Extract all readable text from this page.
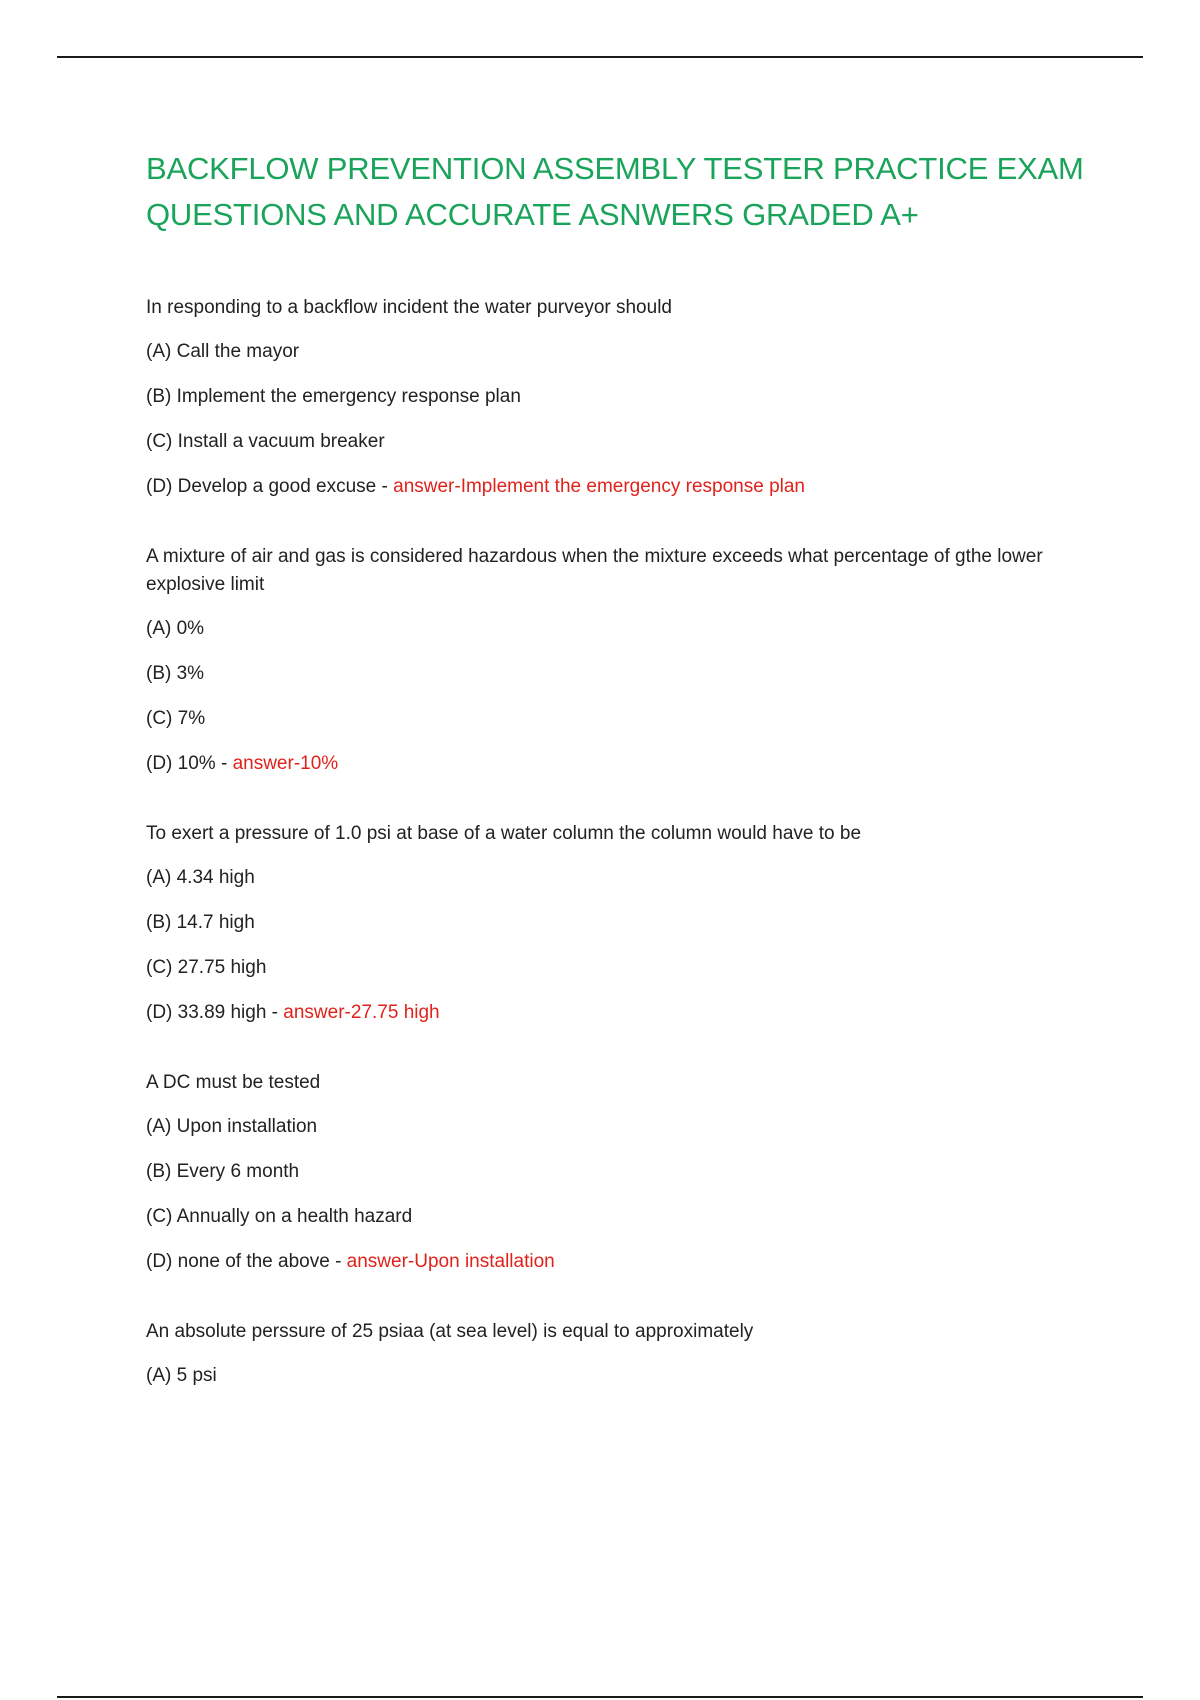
BACKFLOW PREVENTION ASSEMBLY TESTER PRACTICE EXAM QUESTIONS AND ACCURATE ASNWERS GRADED A+

In responding to a backflow incident the water purveyor should

(A) Call the mayor

(B) Implement the emergency response plan

(C) Install a vacuum breaker

(D) Develop a good excuse - answer-Implement the emergency response plan

A mixture of air and gas is considered hazardous when the mixture exceeds what percentage of gthe lower explosive limit

(A) 0%

(B) 3%

(C) 7%

(D) 10% - answer-10%

To exert a pressure of 1.0 psi at base of a water column the column would have to be

(A) 4.34 high

(B) 14.7 high

(C) 27.75 high

(D) 33.89 high - answer-27.75 high

A DC must be tested

(A) Upon installation

(B) Every 6 month

(C) Annually on a health hazard

(D) none of the above - answer-Upon installation

An absolute perssure of 25 psiaa (at sea level) is equal to approximately

(A) 5 psi
